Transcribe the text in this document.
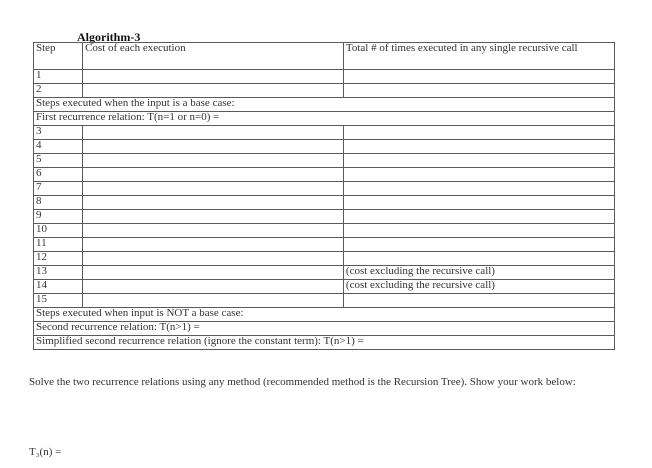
Algorithm-3
Step	Cost of each execution	Total # of times executed in any single recursive call
1		
2		
Steps executed when the input is a base case:		
First recurrence relation: T(n=1 or n=0) =		
3		
4		
5		
6		
7		
8		
9		
10		
11		
12		
13		(cost excluding the recursive call)
14		(cost excluding the recursive call)
15		
Steps executed when input is NOT a base case:		
Second recurrence relation: T(n>1) =		
Simplified second recurrence relation (ignore the constant term): T(n>1) =		
Solve the two recurrence relations using any method (recommended method is the Recursion Tree). Show your work below:
T₃(n) =
